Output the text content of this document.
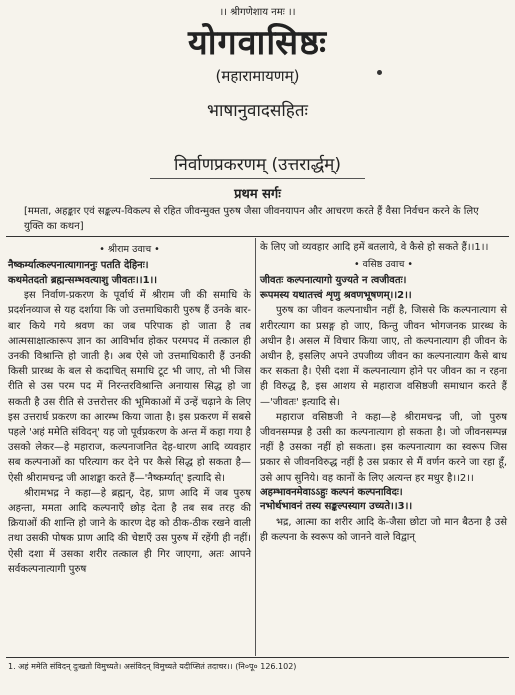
।। श्रीगणेशाय नमः ।।
योगवासिष्ठः
(महारामायणम्)
भाषानुवादसहितः
निर्वाणप्रकरणम् (उत्तरार्द्धम्)
प्रथम सर्गः
[ममता, अहङ्कार एवं सङ्कल्प-विकल्प से रहित जीवन्मुक्त पुरुष जैसा जीवनयापन और आचरण करते हैं वैसा निर्वचन करने के लिए युक्ति का कथन]
• श्रीराम उवाच •
नैष्कर्म्यात्कल्पनात्यागाननुः पतति देहिनः।
कथमेतदतो ब्रह्मन्सम्भवत्याशु जीवतः।।1।।

इस निर्वाण-प्रकरण के पूर्वार्ध में श्रीराम जी की समाधि के प्रदर्शनव्याज से यह दर्शाया कि जो उत्तमाधिकारी पुरुष हैं उनके बार-बार किये गये श्रवण का जब परिपाक हो जाता है तब आत्मसाक्षात्कारूप ज्ञान का आविर्भाव होकर परमपद में तत्काल ही उनकी विश्रान्ति हो जाती है। अब ऐसे जो उत्तमाधिकारी हैं उनकी किसी प्रारब्ध के बल से कदाचित् समाधि टूट भी जाए, तो भी जिस रीति से उस परम पद में निरन्तरविश्रान्ति अनायास सिद्ध हो जा सकती है उस रीति से उत्तरोत्तर की भूमिकाओं में उन्हें चढ़ाने के लिए इस उत्तरार्ध प्रकरण का आरम्भ किया जाता है। इस प्रकरण में सबसे पहले 'अहं ममेति संविदन्' यह जो पूर्वप्रकरण के अन्त में कहा गया है उसको लेकर—हे महाराज, कल्पनाजनित देह-धारण आदि व्यवहार सब कल्पनाओं का परित्याग कर देने पर कैसे सिद्ध हो सकता है—ऐसी श्रीरामचन्द्र जी आशङ्का करते हैं—'नैष्कर्म्यात्' इत्यादि से।

श्रीरामभद्र ने कहा—हे ब्रह्मन्, देह, प्राण आदि में जब पुरुष अहन्ता, ममता आदि कल्पनाएँ छोड़ देता है तब सब तरह की क्रियाओं की शान्ति हो जाने के कारण देह को ठीक-ठीक रखने वाली तथा उसकी पोषक प्राण आदि की चेष्टाएँ उस पुरुष में रहेंगी ही नहीं। ऐसी दशा में उसका शरीर तत्काल ही गिर जाएगा, अतः आपने सर्वकल्पनात्यागी पुरुष

के लिए जो व्यवहार आदि हमें बतलाये, वे कैसे हो सकते हैं।।1।।

• वसिष्ठ उवाच •
जीवतः कल्पनात्यागो युज्यते न त्वजीवतः।
रूपमस्य यथातत्त्वं शृणु श्रवणभूषणम्।।2।।

पुरुष का जीवन कल्पनाधीन नहीं है, जिससे कि कल्पनात्याग से शरीरत्याग का प्रसङ्ग हो जाए, किन्तु जीवन भोगजनक प्रारब्ध के अधीन है। असल में विचार किया जाए, तो कल्पनात्याग ही जीवन के अधीन है, इसलिए अपने उपजीव्य जीवन का कल्पनात्याग कैसे बाध कर सकता है। ऐसी दशा में कल्पनात्याग होने पर जीवन का न रहना ही विरुद्ध है, इस आशय से महाराज वसिष्ठजी समाधान करते हैं—'जीवतः' इत्यादि से।

महाराज वसिष्ठजी ने कहा—हे श्रीरामचन्द्र जी, जो पुरुष जीवनसम्पन्न है उसी का कल्पनात्याग हो सकता है। जो जीवनसम्पन्न नहीं है उसका नहीं हो सकता। इस कल्पनात्याग का स्वरूप जिस प्रकार से जीवनविरुद्ध नहीं है उस प्रकार से मैं वर्णन करने जा रहा हूँ, उसे आप सुनिये। वह कानों के लिए अत्यन्त हर मधुर है।।2।।

अहम्भावनमेवाऽऽहुः कल्पनं कल्पनाविदः।
नभोर्थभावनं तस्य सङ्कल्पस्याग उच्यते।।3।।

भद्र, आत्मा का शरीर आदि के-जैसा छोटा जो मान बैठना है उसे ही कल्पना के स्वरूप को जानने वाले विद्वान्

1. अहं ममेति संविदन् दुःखतो विमुच्यते। असंविदन् विमुच्यते यदीप्सितं तदाचर।। (नि०पू० 126.102)
